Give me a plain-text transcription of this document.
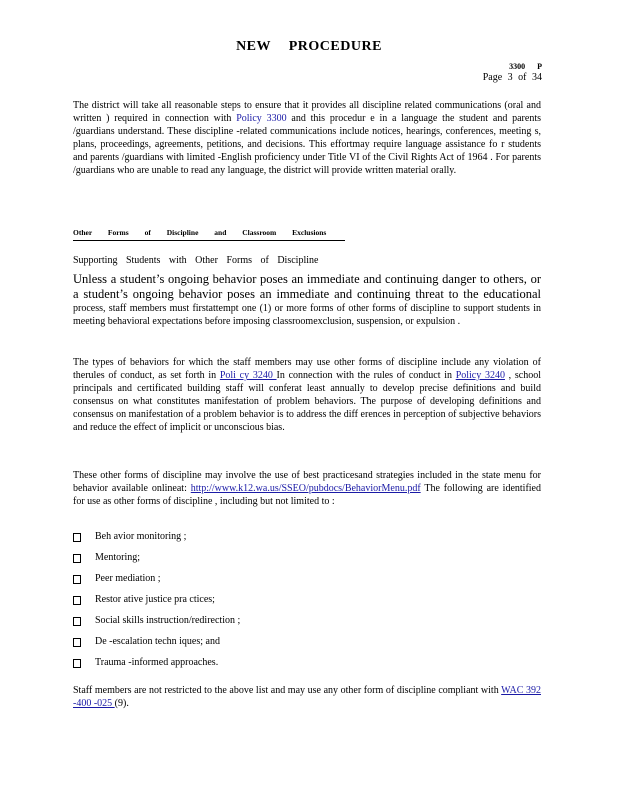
NEW PROCEDURE
3300 P
Page 3 of 34
The district will take all reasonable steps to ensure that it provides all discipline related communications (oral and written ) required in connection with Policy 3300 and this procedur e in a language the student and parents /guardians understand. These discipline -related communications include notices, hearings, conferences, meeting s, plans, proceedings, agreements, petitions, and decisions. This effortmay require language assistance fo r students and parents /guardians with limited -English proficiency under Title VI of the Civil Rights Act of 1964 . For parents /guardians who are unable to read any language, the district will provide written material orally.
Other Forms of Discipline and Classroom Exclusions
Supporting Students with Other Forms of Discipline
Unless a student’s ongoing behavior poses an immediate and continuing danger to others, or a student’s ongoing behavior poses an immediate and continuing threat to the educational process, staff members must firstattempt one (1) or more forms of other forms of discipline to support students in meeting behavioral expectations before imposing classroomexclusion, suspension, or expulsion .
The types of behaviors for which the staff members may use other forms of discipline include any violation of therules of conduct, as set forth in Poli cy 3240 In connection with the rules of conduct in Policy 3240 , school principals and certificated building staff will conferat least annually to develop precise definitions and build consensus on what constitutes manifestation of problem behaviors. The purpose of developing definitions and consensus on manifestation of a problem behavior is to address the diff erences in perception of subjective behaviors and reduce the effect of implicit or unconscious bias.
These other forms of discipline may involve the use of best practicesand strategies included in the state menu for behavior available onlineat: http://www.k12.wa.us/SSEO/pubdocs/BehaviorMenu.pdf The following are identified for use as other forms of discipline , including but not limited to :
Beh avior monitoring ;
Mentoring;
Peer mediation ;
Restor ative justice pra ctices;
Social skills instruction/redirection ;
De -escalation techn iques; and
Trauma -informed approaches.
Staff members are not restricted to the above list and may use any other form of discipline compliant with WAC 392 -400 -025 (9).
